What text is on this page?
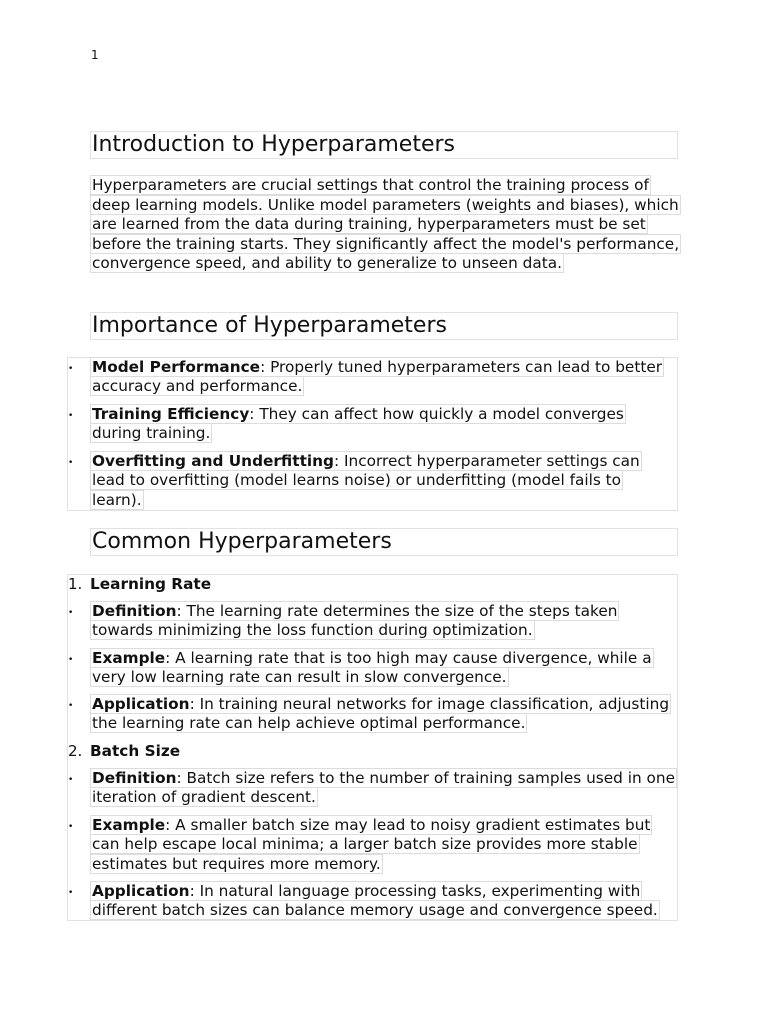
1
Introduction to Hyperparameters

Hyperparameters are crucial settings that control the training process of deep learning models. Unlike model parameters (weights and biases), which are learned from the data during training, hyperparameters must be set before the training starts. They significantly affect the model's performance, convergence speed, and ability to generalize to unseen data.

Importance of Hyperparameters
•	Model Performance: Properly tuned hyperparameters can lead to better accuracy and performance.
•	Training Efficiency: They can affect how quickly a model converges during training.
•	Overfitting and Underfitting: Incorrect hyperparameter settings can lead to overfitting (model learns noise) or underfitting (model fails to learn).
Common Hyperparameters
1. Learning Rate
•	Definition: The learning rate determines the size of the steps taken towards minimizing the loss function during optimization.
•	Example: A learning rate that is too high may cause divergence, while a very low learning rate can result in slow convergence.
•	Application: In training neural networks for image classification, adjusting the learning rate can help achieve optimal performance.
2. Batch Size
•	Definition: Batch size refers to the number of training samples used in one iteration of gradient descent.
•	Example: A smaller batch size may lead to noisy gradient estimates but can help escape local minima; a larger batch size provides more stable estimates but requires more memory.
•	Application: In natural language processing tasks, experimenting with different batch sizes can balance memory usage and convergence speed.
